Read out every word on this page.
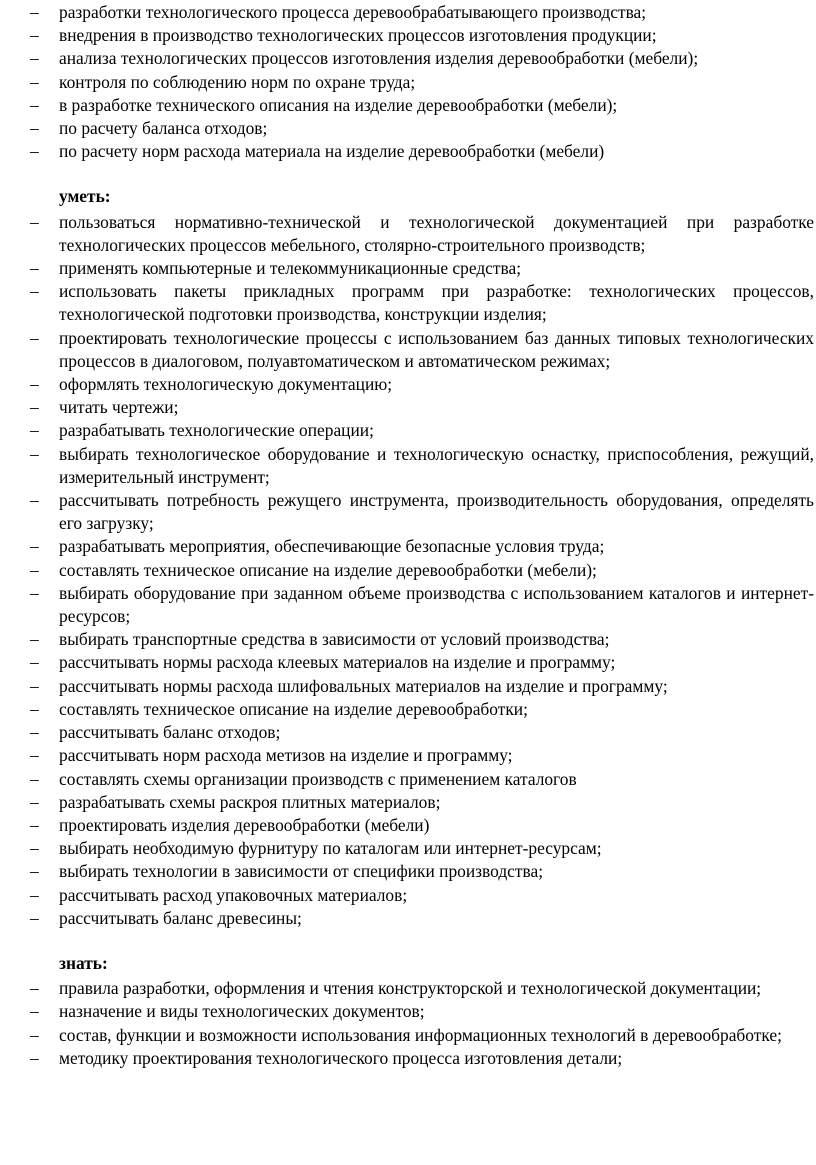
–	разработки технологического процесса деревообрабатывающего производства;
–	внедрения в производство технологических процессов изготовления продукции;
–	анализа технологических процессов изготовления изделия деревообработки (мебели);
–	контроля по соблюдению норм по охране труда;
–	в разработке технического описания на изделие деревообработки (мебели);
–	по расчету баланса отходов;
–	по расчету норм расхода материала на изделие деревообработки (мебели)
уметь:
–	пользоваться нормативно-технической и технологической документацией при разработке технологических процессов мебельного, столярно-строительного производств;
–	применять компьютерные и телекоммуникационные средства;
–	использовать пакеты прикладных программ при разработке: технологических процессов, технологической подготовки производства, конструкции изделия;
–	проектировать технологические процессы с использованием баз данных типовых технологических процессов в диалоговом, полуавтоматическом и автоматическом режимах;
–	оформлять технологическую документацию;
–	читать чертежи;
–	разрабатывать технологические операции;
–	выбирать технологическое оборудование и технологическую оснастку, приспособления, режущий, измерительный инструмент;
–	рассчитывать потребность режущего инструмента, производительность оборудования, определять его загрузку;
–	разрабатывать мероприятия, обеспечивающие безопасные условия труда;
–	составлять техническое описание на изделие деревообработки (мебели);
–	выбирать оборудование при заданном объеме производства с использованием каталогов и интернет-ресурсов;
–	выбирать транспортные средства в зависимости от условий производства;
–	рассчитывать нормы расхода клеевых материалов на изделие и программу;
–	рассчитывать нормы расхода шлифовальных материалов на изделие и программу;
–	составлять техническое описание на изделие деревообработки;
–	рассчитывать баланс отходов;
–	рассчитывать норм расхода метизов на изделие и программу;
–	составлять схемы организации производств с применением каталогов
–	разрабатывать схемы раскроя плитных материалов;
–	проектировать изделия деревообработки (мебели)
–	выбирать необходимую фурнитуру по каталогам или интернет-ресурсам;
–	выбирать технологии в зависимости от специфики производства;
–	рассчитывать расход упаковочных материалов;
–	рассчитывать баланс древесины;
знать:
–	правила разработки, оформления и чтения конструкторской и технологической документации;
–	назначение и виды технологических документов;
–	состав, функции и возможности использования информационных технологий в деревообработке;
–	методику проектирования технологического процесса изготовления детали;
